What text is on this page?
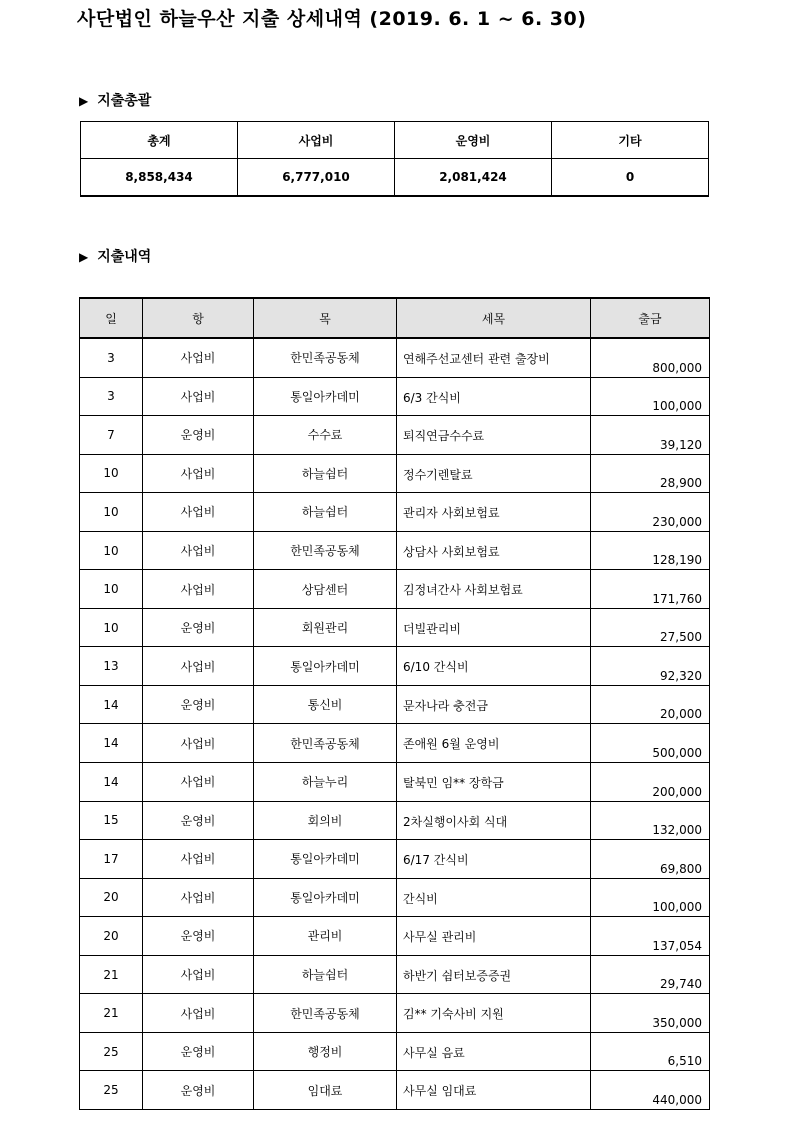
사단법인 하늘우산 지출 상세내역 (2019. 6. 1 ~ 6. 30)
▶ 지출총괄
총계	사업비	운영비	기타
8,858,434	6,777,010	2,081,424	0
▶ 지출내역
일	항	목	세목	출금
3	사업비	한민족공동체	연해주선교센터 관련 출장비	800,000
3	사업비	통일아카데미	6/3 간식비	100,000
7	운영비	수수료	퇴직연금수수료	39,120
10	사업비	하늘쉼터	정수기렌탈료	28,900
10	사업비	하늘쉼터	관리자 사회보험료	230,000
10	사업비	한민족공동체	상담사 사회보험료	128,190
10	사업비	상담센터	김정녀간사 사회보험료	171,760
10	운영비	회원관리	더빌관리비	27,500
13	사업비	통일아카데미	6/10 간식비	92,320
14	운영비	통신비	문자나라 충전금	20,000
14	사업비	한민족공동체	존애원 6월 운영비	500,000
14	사업비	하늘누리	탈북민 임** 장학금	200,000
15	운영비	회의비	2차실행이사회 식대	132,000
17	사업비	통일아카데미	6/17 간식비	69,800
20	사업비	통일아카데미	간식비	100,000
20	운영비	관리비	사무실 관리비	137,054
21	사업비	하늘쉼터	하반기 쉼터보증증권	29,740
21	사업비	한민족공동체	김** 기숙사비 지원	350,000
25	운영비	행정비	사무실 음료	6,510
25	운영비	임대료	사무실 임대료	440,000
